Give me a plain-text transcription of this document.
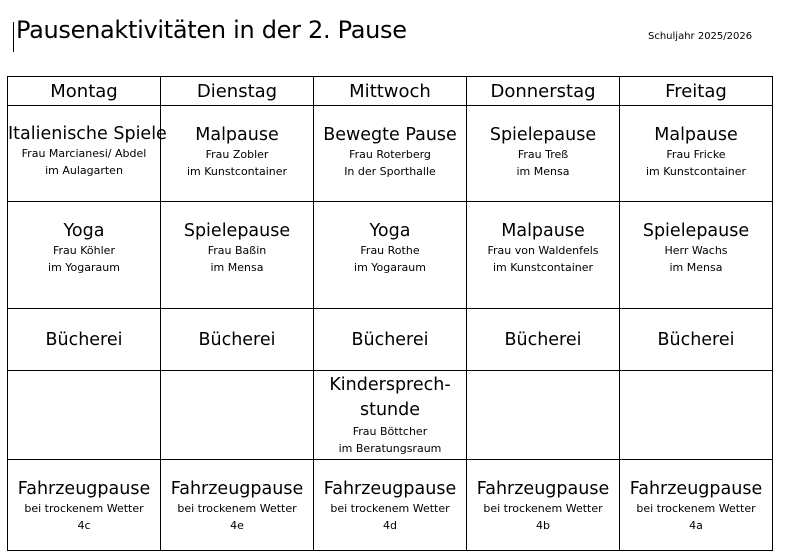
Pausenaktivitäten in der 2. Pause	Schuljahr 2025/2026
Montag	Dienstag	Mittwoch	Donnerstag	Freitag

Italienische Spiele
Frau Marcianesi/ Abdel
im Aulagarten	Malpause
Frau Zobler
im Kunstcontainer	Bewegte Pause
Frau Roterberg
In der Sporthalle	Spielepause
Frau Treß
im Mensa	Malpause
Frau Fricke
im Kunstcontainer

Yoga
Frau Köhler
im Yogaraum	Spielepause
Frau Baßin
im Mensa	Yoga
Frau Rothe
im Yogaraum	Malpause
Frau von Waldenfels
im Kunstcontainer	Spielepause
Herr Wachs
im Mensa

Bücherei	Bücherei	Bücherei	Bücherei	Bücherei

		Kindersprech-stunde
Frau Böttcher
im Beratungsraum		

Fahrzeugpause
bei trockenem Wetter
4c	Fahrzeugpause
bei trockenem Wetter
4e	Fahrzeugpause
bei trockenem Wetter
4d	Fahrzeugpause
bei trockenem Wetter
4b	Fahrzeugpause
bei trockenem Wetter
4a
